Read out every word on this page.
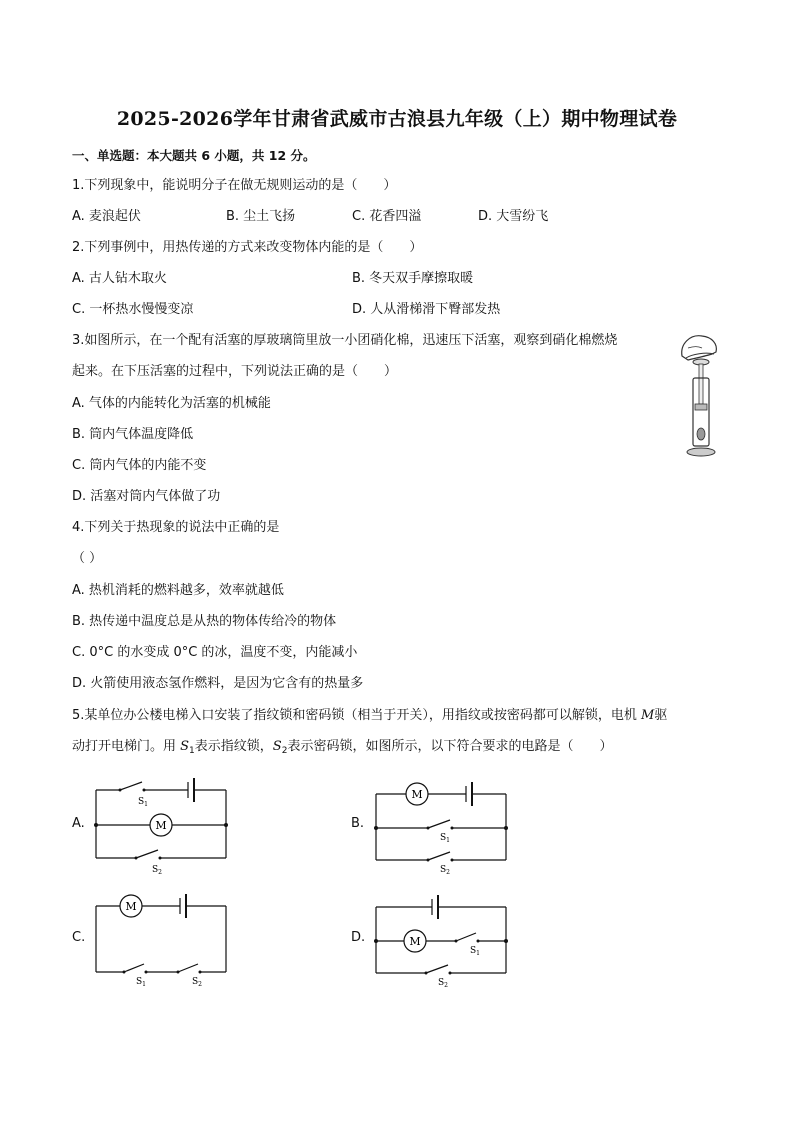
2025-2026学年甘肃省武威市古浪县九年级（上）期中物理试卷
一、单选题：本大题共 6 小题，共 12 分。
1.下列现象中，能说明分子在做无规则运动的是（　　）
A. 麦浪起伏	B. 尘土飞扬	C. 花香四溢	D. 大雪纷飞
2.下列事例中，用热传递的方式来改变物体内能的是（　　）
A. 古人钻木取火	B. 冬天双手摩擦取暖
C. 一杯热水慢慢变凉	D. 人从滑梯滑下臀部发热
3.如图所示，在一个配有活塞的厚玻璃筒里放一小团硝化棉，迅速压下活塞，观察到硝化棉燃烧
起来。在下压活塞的过程中，下列说法正确的是（　　）
A. 气体的内能转化为活塞的机械能
B. 筒内气体温度降低
C. 筒内气体的内能不变
D. 活塞对筒内气体做了功
4.下列关于热现象的说法中正确的是
（ ）
A. 热机消耗的燃料越多，效率就越低
B. 热传递中温度总是从热的物体传给冷的物体
C. 0°C 的水变成 0°C 的冰，温度不变，内能减小
D. 火箭使用液态氢作燃料，是因为它含有的热量多
5.某单位办公楼电梯入口安装了指纹锁和密码锁（相当于开关），用指纹或按密码都可以解锁，电机 M驱
动打开电梯门。用 $S_1$表示指纹锁，$S_2$表示密码锁，如图所示，以下符合要求的电路是（　　）
A.	B.
C.	D.
M
$S_1$
$S_2$
M
$S_1$
$S_2$
M
$S_1$	$S_2$
M
$S_1$
$S_2$
